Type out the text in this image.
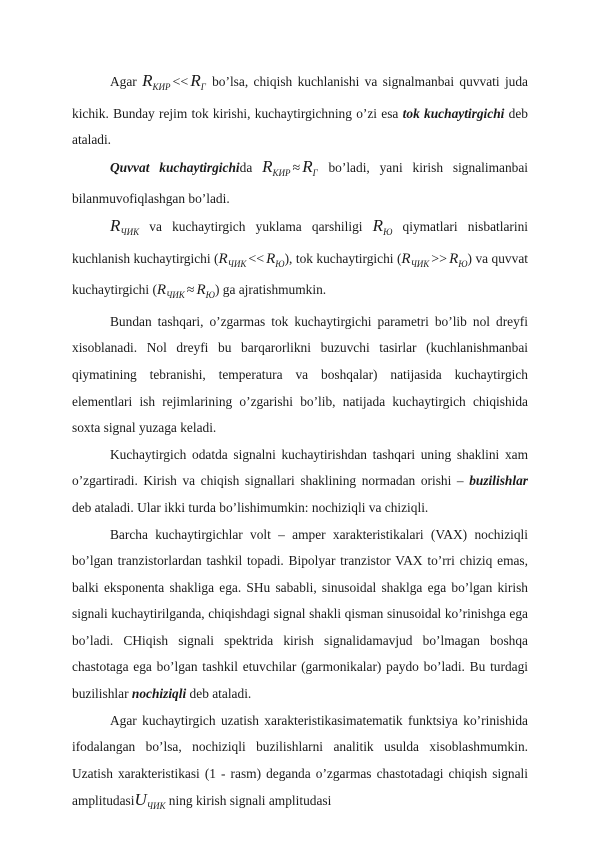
Agar $R_{KИР} << R_Г$ bo’lsa, chiqish kuchlanishi va signalmanbai quvvati juda kichik. Bunday rejim tok kirishi, kuchaytirgichning o’zi esa tok kuchaytirgichi deb ataladi.

Quvvat kuchaytirgichida $R_{KИР} \approx R_Г$ bo’ladi, yani kirish signalimanbai bilanmuvofiqlashgan bo’ladi.

$R_{ЧИК}$ va kuchaytirgich yuklama qarshiligi $R_Ю$ qiymatlari nisbatlarini kuchlanish kuchaytirgichi $(R_{ЧИК} << R_Ю)$, tok kuchaytirgichi $(R_{ЧИК} >> R_Ю)$ va quvvat kuchaytirgichi $(R_{ЧИК} \approx R_Ю)$ ga ajratishmumkin.

Bundan tashqari, o’zgarmas tok kuchaytirgichi parametri bo’lib nol dreyfi xisoblanadi. Nol dreyfi bu barqarorlikni buzuvchi tasirlar (kuchlanishmanbai qiymatining tebranishi, temperatura va boshqalar) natijasida kuchaytirgich elementlari ish rejimlarining o’zgarishi bo’lib, natijada kuchaytirgich chiqishida soxta signal yuzaga keladi.

Kuchaytirgich odatda signalni kuchaytirishdan tashqari uning shaklini xam o’zgartiradi. Kirish va chiqish signallari shaklining normadan orishi – buzilishlar deb ataladi. Ular ikki turda bo’lishimumkin: nochiziqli va chiziqli.

Barcha kuchaytirgichlar volt – amper xarakteristikalari (VAX) nochiziqli bo’lgan tranzistorlardan tashkil topadi. Bipolyar tranzistor VAX to’rri chiziq emas, balki eksponenta shakliga ega. SHu sababli, sinusoidal shaklga ega bo’lgan kirish signali kuchaytirilganda, chiqishdagi signal shakli qisman sinusoidal ko’rinishga ega bo’ladi. CHiqish signali spektrida kirish signalidamavjud bo’lmagan boshqa chastotaga ega bo’lgan tashkil etuvchilar (garmonikalar) paydo bo’ladi. Bu turdagi buzilishlar nochiziqli deb ataladi.

Agar kuchaytirgich uzatish xarakteristikasimatematik funktsiya ko’rinishida ifodalangan bo’lsa, nochiziqli buzilishlarni analitik usulda xisoblashmumkin. Uzatish xarakteristikasi (1 - rasm) deganda o’zgarmas chastotadagi chiqish signali amplitudasiU$_{ЧИК}$ ning kirish signali amplitudasi
